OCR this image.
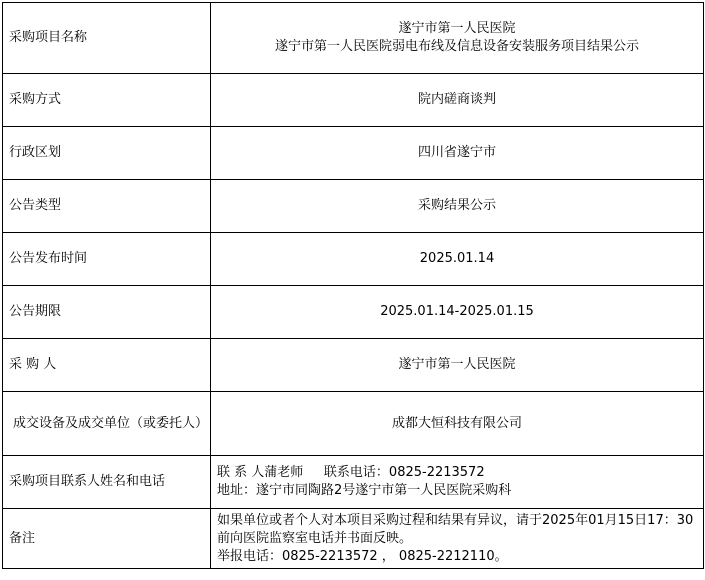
采购项目名称	遂宁市第一人民医院
遂宁市第一人民医院弱电布线及信息设备安装服务项目结果公示

采购方式	院内磋商谈判
行政区划	四川省遂宁市
公告类型	采购结果公示
公告发布时间	2025.01.14
公告期限	2025.01.14-2025.01.15
采 购 人	遂宁市第一人民医院

成交设备及成交单位（或委托人）	成都大恒科技有限公司
采购项目联系人姓名和电话	联 系 人蒲老师     联系电话：0825-2213572
地址：遂宁市同陶路2号遂宁市第一人民医院采购科

备注	如果单位或者个人对本项目采购过程和结果有异议，请于2025年01月15日17：30前向医院监察室电话并书面反映。
举报电话：0825-2213572 ， 0825-2212110。
